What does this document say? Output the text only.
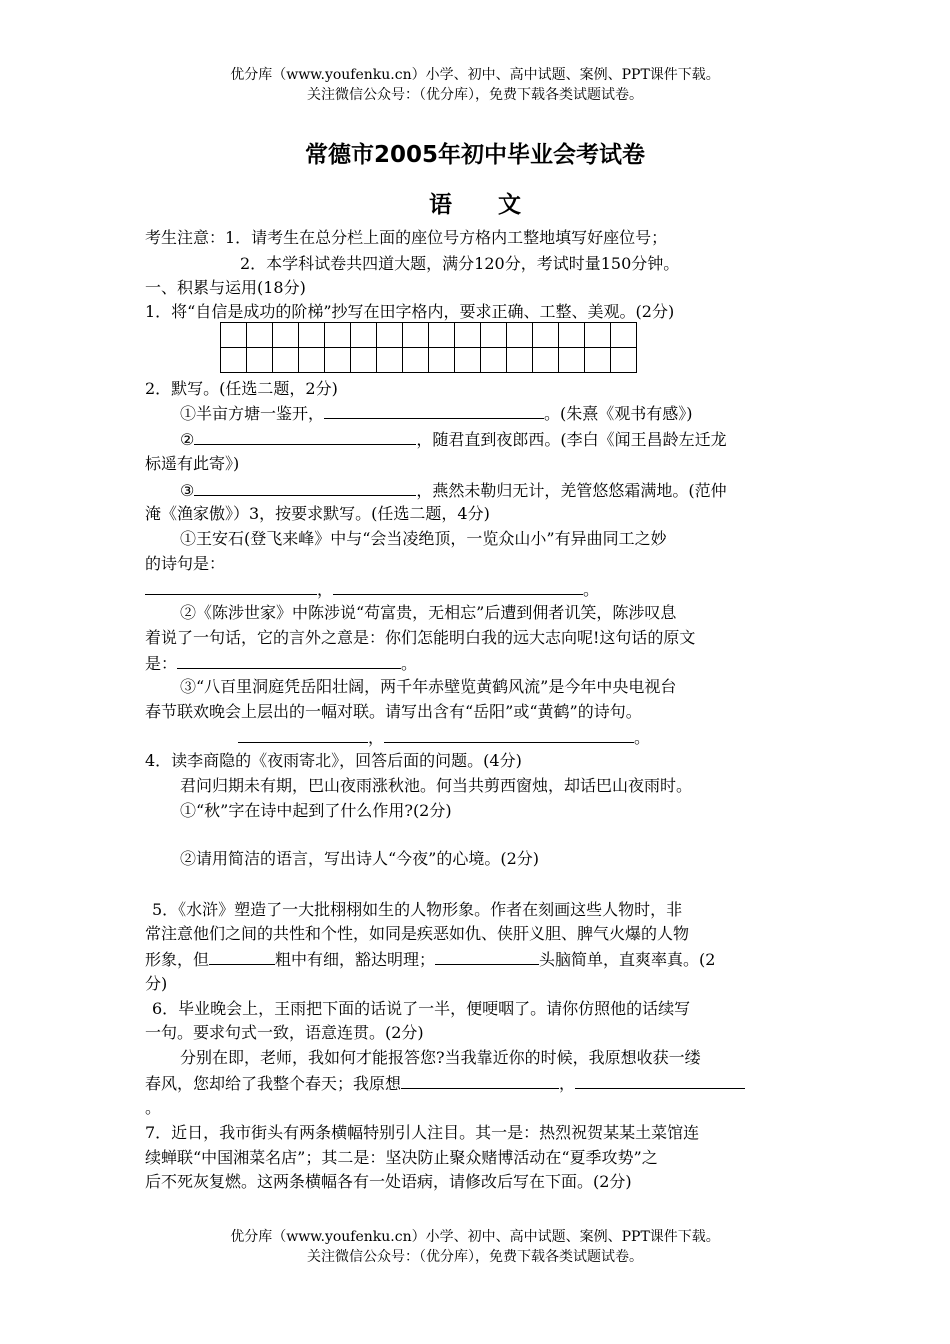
优分库（www.youfenku.cn）小学、初中、高中试题、案例、PPT课件下载。
关注微信公众号：（优分库），免费下载各类试题试卷。
常德市2005年初中毕业会考试卷
语　　文
考生注意：1．请考生在总分栏上面的座位号方格内工整地填写好座位号；
2．本学科试卷共四道大题，满分120分，考试时量150分钟。
一、积累与运用(18分)
1．将“自信是成功的阶梯”抄写在田字格内，要求正确、工整、美观。(2分)

2．默写。(任选二题，2分)
①半亩方塘一鉴开，	。(朱熹《观书有感》)
②	，随君直到夜郎西。(李白《闻王昌龄左迁龙
标遥有此寄》)
③	，燕然未勒归无计，羌管悠悠霜满地。(范仲
淹《渔家傲》）3，按要求默写。(任选二题，4分)
①王安石(登飞来峰》中与“会当凌绝顶，一览众山小”有异曲同工之妙
的诗句是：
，	。
②《陈涉世家》中陈涉说“苟富贵，无相忘”后遭到佣者讥笑，陈涉叹息
着说了一句话，它的言外之意是：你们怎能明白我的远大志向呢!这句话的原文
是：	。
③“八百里洞庭凭岳阳壮阔，两千年赤壁览黄鹤风流”是今年中央电视台
春节联欢晚会上层出的一幅对联。请写出含有“岳阳”或“黄鹤”的诗句。
，	。
4．读李商隐的《夜雨寄北》，回答后面的问题。(4分)
君问归期未有期，巴山夜雨涨秋池。何当共剪西窗烛，却话巴山夜雨时。
①“秋”字在诗中起到了什么作用?(2分)
②请用简洁的语言，写出诗人“今夜”的心境。(2分)
5．《水浒》塑造了一大批栩栩如生的人物形象。作者在刻画这些人物时，非
常注意他们之间的共性和个性，如同是疾恶如仇、侠肝义胆、脾气火爆的人物
形象，但	粗中有细，豁达明理；	头脑简单，直爽率真。(2
分)
6．毕业晚会上，王雨把下面的话说了一半，便哽咽了。请你仿照他的话续写
一句。要求句式一致，语意连贯。(2分)
分别在即，老师，我如何才能报答您?当我靠近你的时候，我原想收获一缕
春风，您却给了我整个春天；我原想	，
。
7．近日，我市街头有两条横幅特别引人注目。其一是：热烈祝贺某某土菜馆连
续蝉联“中国湘菜名店”；其二是：坚决防止聚众赌博活动在“夏季攻势”之
后不死灰复燃。这两条横幅各有一处语病，请修改后写在下面。(2分)
优分库（www.youfenku.cn）小学、初中、高中试题、案例、PPT课件下载。
关注微信公众号：（优分库），免费下载各类试题试卷。
